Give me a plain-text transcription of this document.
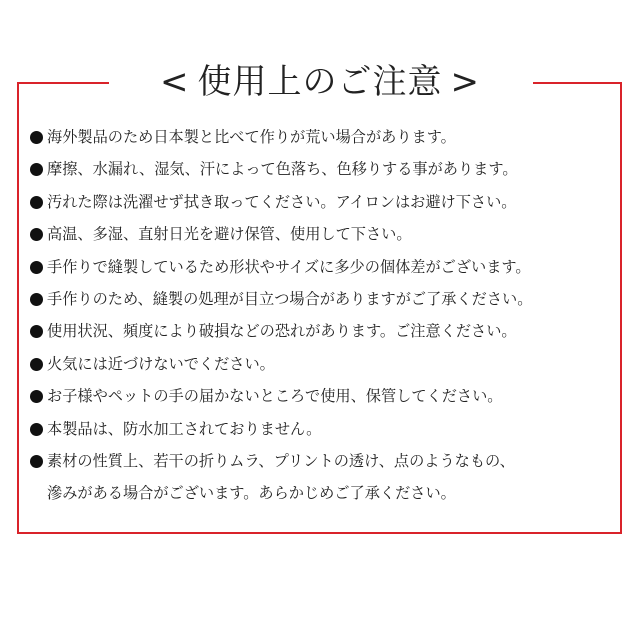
< 使用上のご注意 >
海外製品のため日本製と比べて作りが荒い場合があります。
摩擦、水漏れ、湿気、汗によって色落ち、色移りする事があります。
汚れた際は洗濯せず拭き取ってください。アイロンはお避け下さい。
高温、多湿、直射日光を避け保管、使用して下さい。
手作りで縫製しているため形状やサイズに多少の個体差がございます。
手作りのため、縫製の処理が目立つ場合がありますがご了承ください。
使用状況、頻度により破損などの恐れがあります。ご注意ください。
火気には近づけないでください。
お子様やペットの手の届かないところで使用、保管してください。
本製品は、防水加工されておりません。
素材の性質上、若干の折りムラ、プリントの透け、点のようなもの、
滲みがある場合がございます。あらかじめご了承ください。
